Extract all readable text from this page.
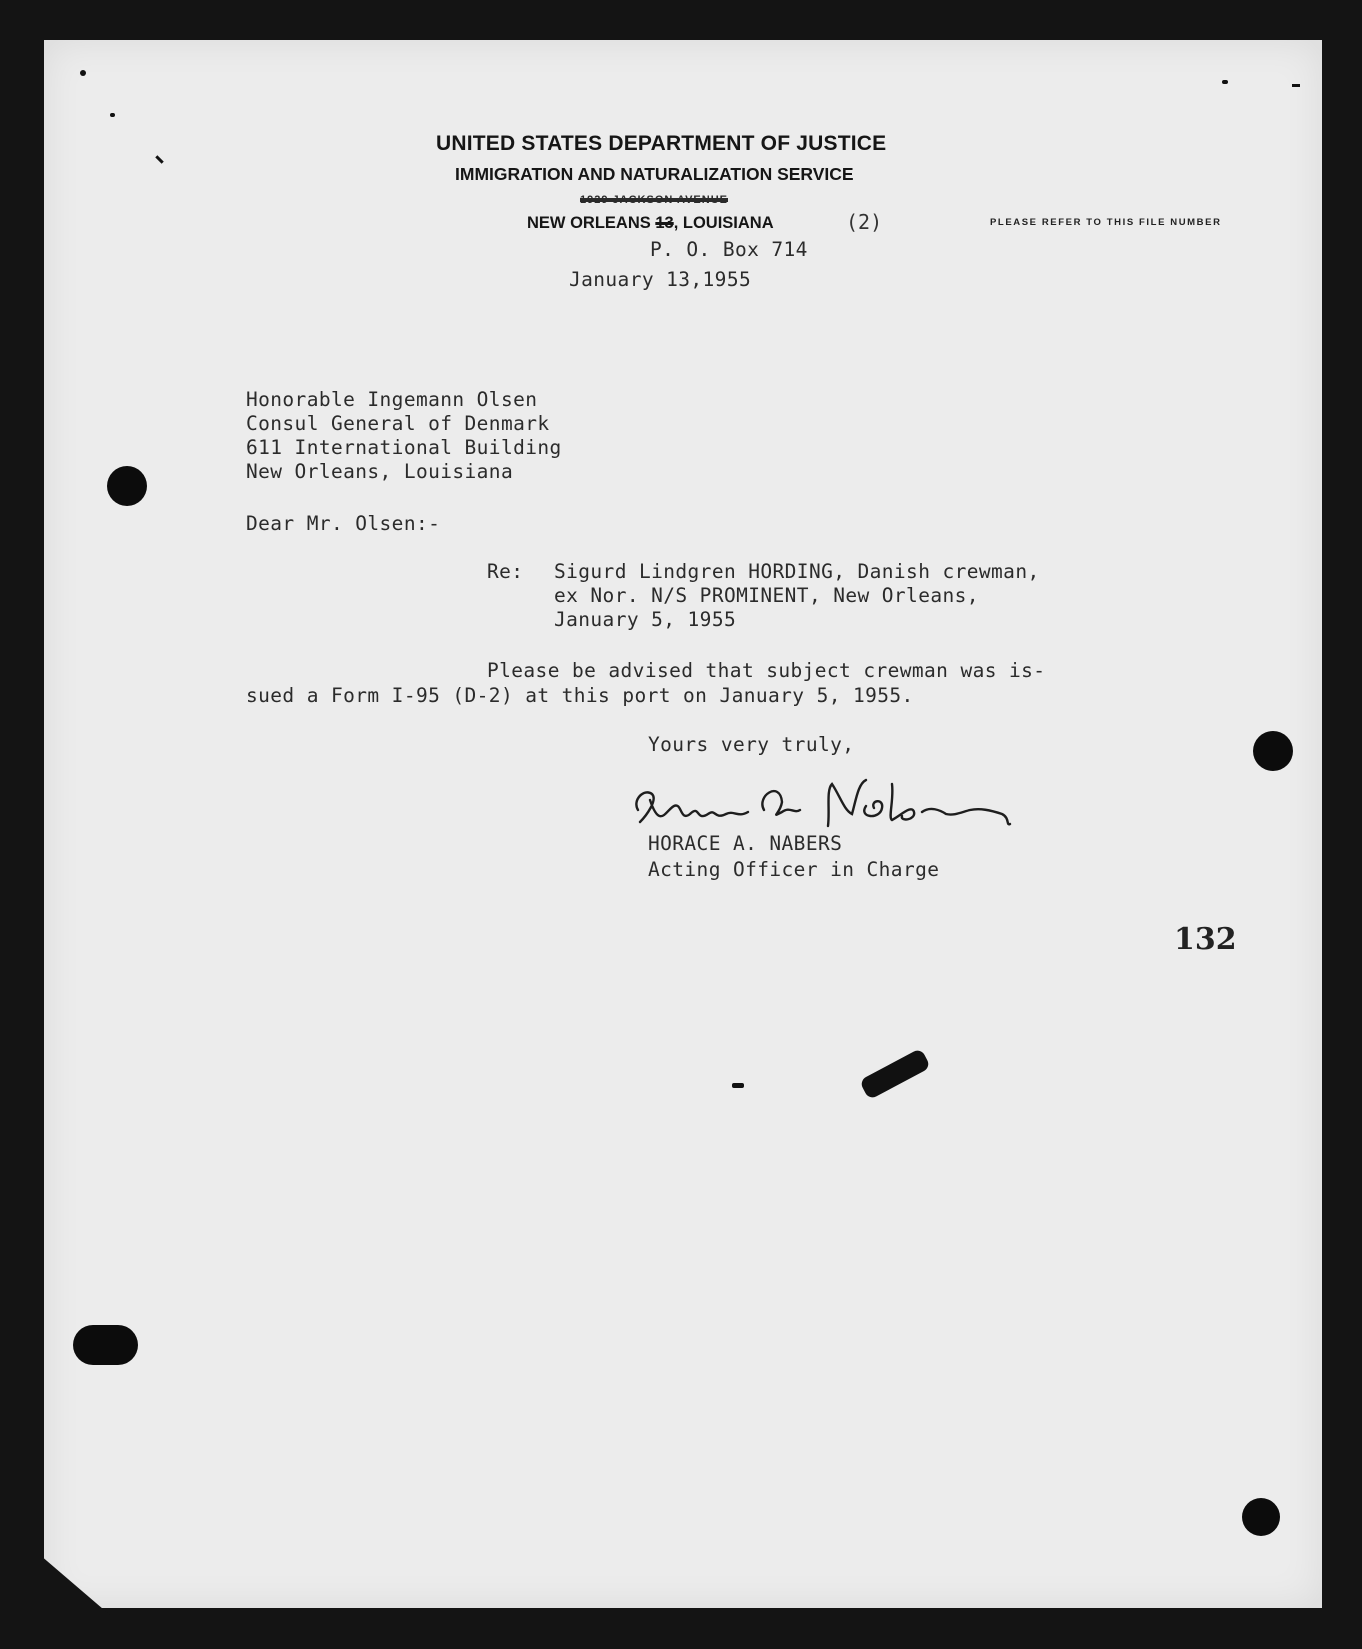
UNITED STATES DEPARTMENT OF JUSTICE
IMMIGRATION AND NATURALIZATION SERVICE
1929 JACKSON AVENUE
NEW ORLEANS 13, LOUISIANA	(2)	PLEASE REFER TO THIS FILE NUMBER
P. O. Box 714
January 13,1955
Honorable Ingemann Olsen
Consul General of Denmark
611 International Building
New Orleans, Louisiana
Dear Mr. Olsen:-
Re: Sigurd Lindgren HORDING, Danish crewman,
ex Nor. N/S PROMINENT, New Orleans,
January 5, 1955
Please be advised that subject crewman was is-
sued a Form I-95 (D-2) at this port on January 5, 1955.
Yours very truly,
HORACE A. NABERS
Acting Officer in Charge
132
